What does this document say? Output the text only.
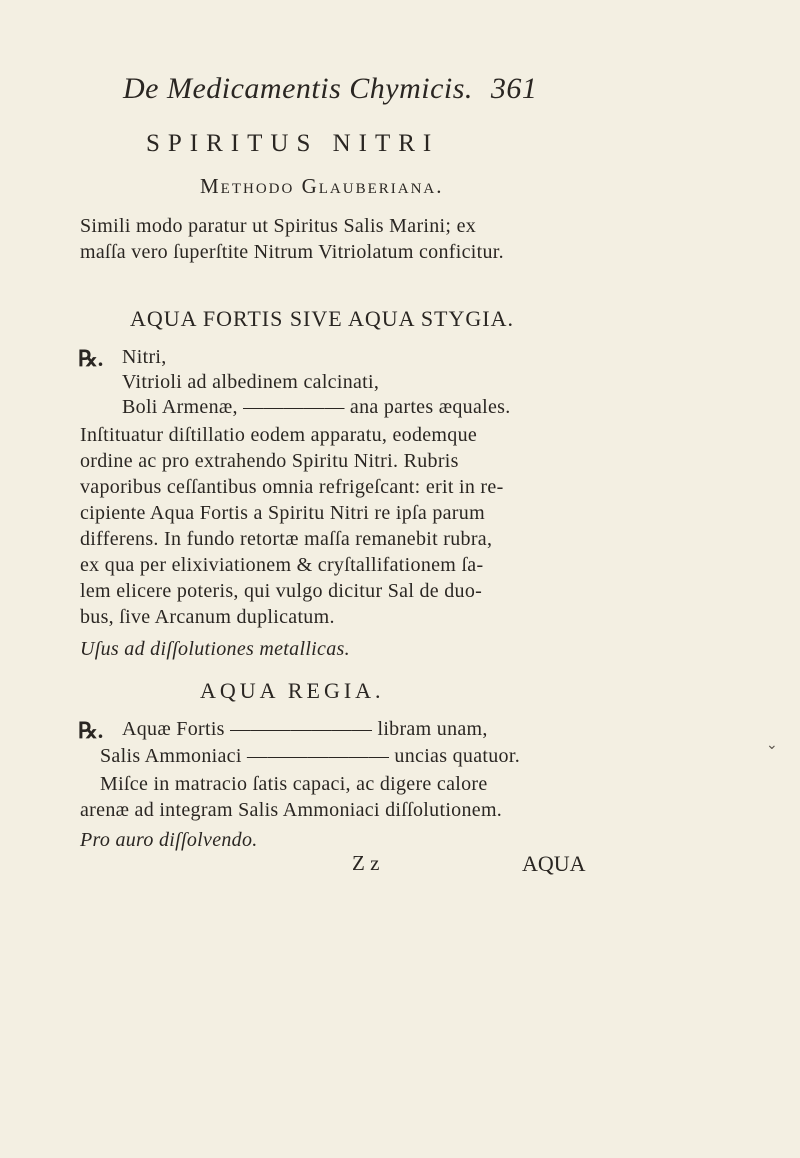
De Medicamentis Chymicis. 361
SPIRITUS NITRI
Methodo Glauberiana.
Simili modo paratur ut Spiritus Salis Marini; ex
maſſa vero ſuperſtite Nitrum Vitriolatum conficitur.
AQUA FORTIS SIVE AQUA STYGIA.
℞. Nitri,
Vitrioli ad albedinem calcinati,
Boli Armenæ, ————— ana partes æquales.
Inſtituatur diſtillatio eodem apparatu, eodemque
ordine ac pro extrahendo Spiritu Nitri. Rubris
vaporibus ceſſantibus omnia refrigeſcant: erit in re-
cipiente Aqua Fortis a Spiritu Nitri re ipſa parum
differens. In fundo retortæ maſſa remanebit rubra,
ex qua per elixiviationem & cryſtallifationem ſa-
lem elicere poteris, qui vulgo dicitur Sal de duo-
bus, ſive Arcanum duplicatum.
Uſus ad diſſolutiones metallicas.
AQUA REGIA.
℞. Aquæ Fortis ——————— libram unam,
Salis Ammoniaci ——————— uncias quatuor.
Miſce in matracio ſatis capaci, ac digere calore
arenæ ad integram Salis Ammoniaci diſſolutionem.
Pro auro diſſolvendo.
Z z	AQUA
⌄
